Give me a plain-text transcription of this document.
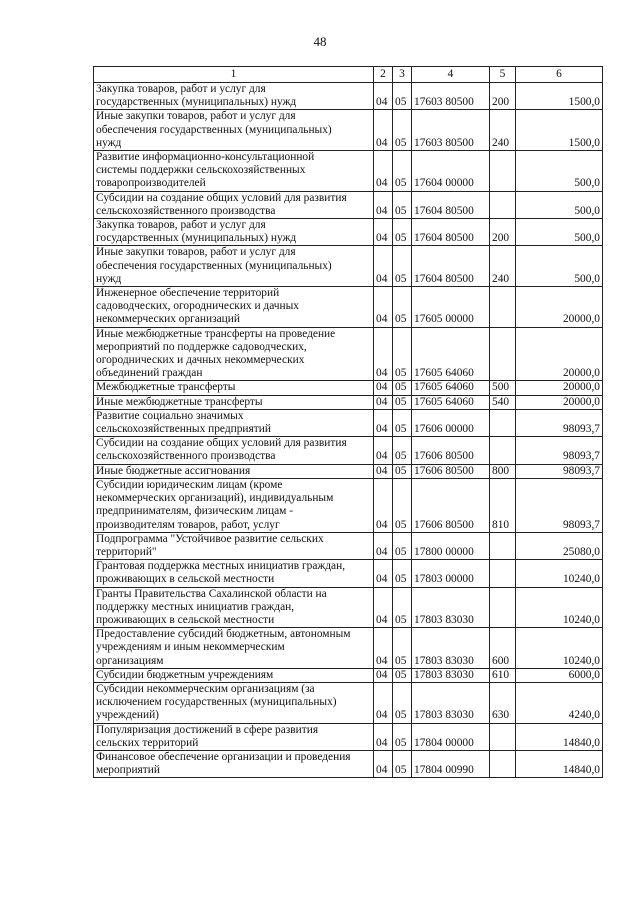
48
1	2	3	4	5	6
Закупка товаров, работ и услуг для
государственных (муниципальных) нужд	04	05	17603 80500	200	1500,0
Иные закупки товаров, работ и услуг для
обеспечения государственных (муниципальных)
нужд	04	05	17603 80500	240	1500,0
Развитие информационно-консультационной
системы поддержки сельскохозяйственных
товаропроизводителей	04	05	17604 00000		500,0
Субсидии на создание общих условий для развития
сельскохозяйственного производства	04	05	17604 80500		500,0
Закупка товаров, работ и услуг для
государственных (муниципальных) нужд	04	05	17604 80500	200	500,0
Иные закупки товаров, работ и услуг для
обеспечения государственных (муниципальных)
нужд	04	05	17604 80500	240	500,0
Инженерное обеспечение территорий
садоводческих, огороднических и дачных
некоммерческих организаций	04	05	17605 00000		20000,0
Иные межбюджетные трансферты на проведение
мероприятий по поддержке садоводческих,
огороднических и дачных некоммерческих
объединений граждан	04	05	17605 64060		20000,0
Межбюджетные трансферты	04	05	17605 64060	500	20000,0
Иные межбюджетные трансферты	04	05	17605 64060	540	20000,0
Развитие социально значимых
сельскохозяйственных предприятий	04	05	17606 00000		98093,7
Субсидии на создание общих условий для развития
сельскохозяйственного производства	04	05	17606 80500		98093,7
Иные бюджетные ассигнования	04	05	17606 80500	800	98093,7
Субсидии юридическим лицам (кроме
некоммерческих организаций), индивидуальным
предпринимателям, физическим лицам -
производителям товаров, работ, услуг	04	05	17606 80500	810	98093,7
Подпрограмма "Устойчивое развитие сельских
территорий"	04	05	17800 00000		25080,0
Грантовая поддержка местных инициатив граждан,
проживающих в сельской местности	04	05	17803 00000		10240,0
Гранты Правительства Сахалинской области на
поддержку местных инициатив граждан,
проживающих в сельской местности	04	05	17803 83030		10240,0
Предоставление субсидий бюджетным, автономным
учреждениям и иным некоммерческим
организациям	04	05	17803 83030	600	10240,0
Субсидии бюджетным учреждениям	04	05	17803 83030	610	6000,0
Субсидии некоммерческим организациям (за
исключением государственных (муниципальных)
учреждений)	04	05	17803 83030	630	4240,0
Популяризация достижений в сфере развития
сельских территорий	04	05	17804 00000		14840,0
Финансовое обеспечение организации и проведения
мероприятий	04	05	17804 00990		14840,0
